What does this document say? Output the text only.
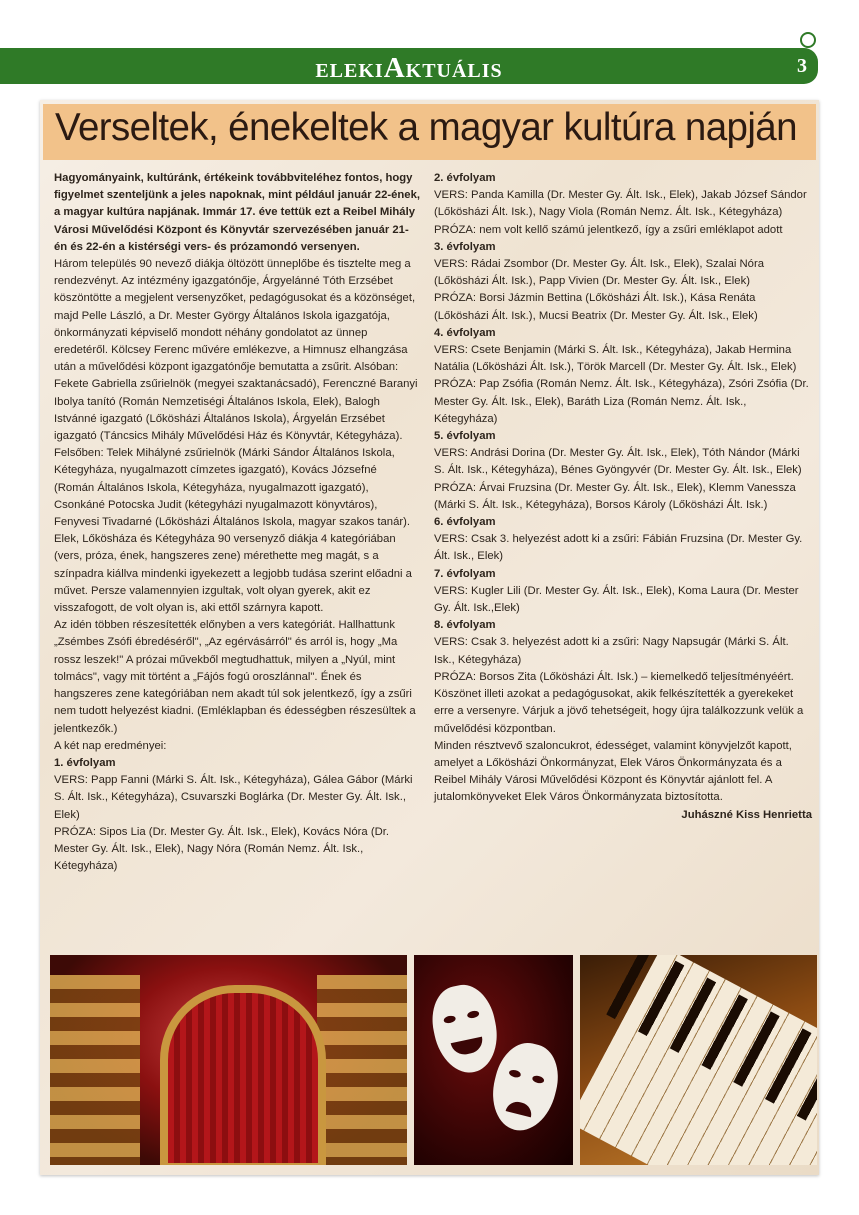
ELEKIAKTUÁLIS	3
Verseltek, énekeltek a magyar kultúra napján

Hagyományaink, kultúránk, értékeink továbbviteléhez fontos, hogy figyelmet szenteljünk a jeles napoknak, mint például január 22-ének, a magyar kultúra napjának. Immár 17. éve tettük ezt a Reibel Mihály Városi Művelődési Központ és Könyvtár szervezésében január 21-én és 22-én a kistérségi vers- és prózamondó versenyen.

Három település 90 nevező diákja öltözött ünneplőbe és tisztelte meg a rendezvényt. Az intézmény igazgatónője, Árgyelánné Tóth Erzsébet köszöntötte a megjelent versenyzőket, pedagógusokat és a közönséget, majd Pelle László, a Dr. Mester György Általános Iskola igazgatója, önkormányzati képviselő mondott néhány gondolatot az ünnep eredetéről. Kölcsey Ferenc művére emlékezve, a Himnusz elhangzása után a művelődési központ igazgatónője bemutatta a zsűrit. Alsóban: Fekete Gabriella zsűrielnök (megyei szaktanácsadó), Ferenczné Baranyi Ibolya tanító (Román Nemzetiségi Általános Iskola, Elek), Balogh Istvánné igazgató (Lőkösházi Általános Iskola), Árgyelán Erzsébet igazgató (Táncsics Mihály Művelődési Ház és Könyvtár, Kétegyháza). Felsőben: Telek Mihályné zsűrielnök (Márki Sándor Általános Iskola, Kétegyháza, nyugalmazott címzetes igazgató), Kovács Józsefné (Román Általános Iskola, Kétegyháza, nyugalmazott igazgató), Csonkáné Potocska Judit (kétegyházi nyugalmazott könyvtáros), Fenyvesi Tivadarné (Lőkösházi Általános Iskola, magyar szakos tanár).

Elek, Lőkösháza és Kétegyháza 90 versenyző diákja 4 kategóriában (vers, próza, ének, hangszeres zene) mérethette meg magát, s a színpadra kiállva mindenki igyekezett a legjobb tudása szerint előadni a művet. Persze valamennyien izgultak, volt olyan gyerek, akit ez visszafogott, de volt olyan is, aki ettől szárnyra kapott.

Az idén többen részesítették előnyben a vers kategóriát. Hallhattunk „Zsémbes Zsófi ébredéséről", „Az egérvásárról" és arról is, hogy „Ma rossz leszek!" A prózai művekből megtudhattuk, milyen a „Nyúl, mint tolmács", vagy mit történt a „Fájós fogú oroszlánnal". Ének és hangszeres zene kategóriában nem akadt túl sok jelentkező, így a zsűri nem tudott helyezést kiadni. (Emléklapban és édességben részesültek a jelentkezők.)

A két nap eredményei:

1. évfolyam

VERS: Papp Fanni (Márki S. Ált. Isk., Kétegyháza), Gálea Gábor (Márki S. Ált. Isk., Kétegyháza), Csuvarszki Boglárka (Dr. Mester Gy. Ált. Isk., Elek)

PRÓZA: Sipos Lia (Dr. Mester Gy. Ált. Isk., Elek), Kovács Nóra (Dr. Mester Gy. Ált. Isk., Elek), Nagy Nóra (Román Nemz. Ált. Isk., Kétegyháza)

2. évfolyam

VERS: Panda Kamilla (Dr. Mester Gy. Ált. Isk., Elek), Jakab József Sándor (Lőkösházi Ált. Isk.), Nagy Viola (Román Nemz. Ált. Isk., Kétegyháza)

PRÓZA: nem volt kellő számú jelentkező, így a zsűri emléklapot adott

3. évfolyam

VERS: Rádai Zsombor (Dr. Mester Gy. Ált. Isk., Elek), Szalai Nóra (Lőkösházi Ált. Isk.), Papp Vivien (Dr. Mester Gy. Ált. Isk., Elek)

PRÓZA: Borsi Jázmin Bettina (Lőkösházi Ált. Isk.), Kása Renáta (Lőkösházi Ált. Isk.), Mucsi Beatrix (Dr. Mester Gy. Ált. Isk., Elek)

4. évfolyam

VERS: Csete Benjamin (Márki S. Ált. Isk., Kétegyháza), Jakab Hermina Natália (Lőkösházi Ált. Isk.), Török Marcell (Dr. Mester Gy. Ált. Isk., Elek)

PRÓZA: Pap Zsófia (Román Nemz. Ált. Isk., Kétegyháza), Zsóri Zsófia (Dr. Mester Gy. Ált. Isk., Elek), Baráth Liza (Román Nemz. Ált. Isk., Kétegyháza)

5. évfolyam

VERS: Andrási Dorina (Dr. Mester Gy. Ált. Isk., Elek), Tóth Nándor (Márki S. Ált. Isk., Kétegyháza), Bénes Gyöngyvér (Dr. Mester Gy. Ált. Isk., Elek)

PRÓZA: Árvai Fruzsina (Dr. Mester Gy. Ált. Isk., Elek), Klemm Vanessza (Márki S. Ált. Isk., Kétegyháza), Borsos Károly (Lőkösházi Ált. Isk.)

6. évfolyam

VERS: Csak 3. helyezést adott ki a zsűri: Fábián Fruzsina (Dr. Mester Gy. Ált. Isk., Elek)

7. évfolyam

VERS: Kugler Lili (Dr. Mester Gy. Ált. Isk., Elek), Koma Laura (Dr. Mester Gy. Ált. Isk.,Elek)

8. évfolyam

VERS: Csak 3. helyezést adott ki a zsűri: Nagy Napsugár (Márki S. Ált. Isk., Kétegyháza)

PRÓZA: Borsos Zita (Lőkösházi Ált. Isk.) – kiemelkedő teljesítményéért.

Köszönet illeti azokat a pedagógusokat, akik felkészítették a gyerekeket erre a versenyre. Várjuk a jövő tehetségeit, hogy újra találkozzunk velük a művelődési központban.

Minden résztvevő szaloncukrot, édességet, valamint könyvjelzőt kapott, amelyet a Lőkösházi Önkormányzat, Elek Város Önkormányzata és a Reibel Mihály Városi Művelődési Központ és Könyvtár ajánlott fel. A jutalomkönyveket Elek Város Önkormányzata biztosította.

Juhászné Kiss Henrietta
